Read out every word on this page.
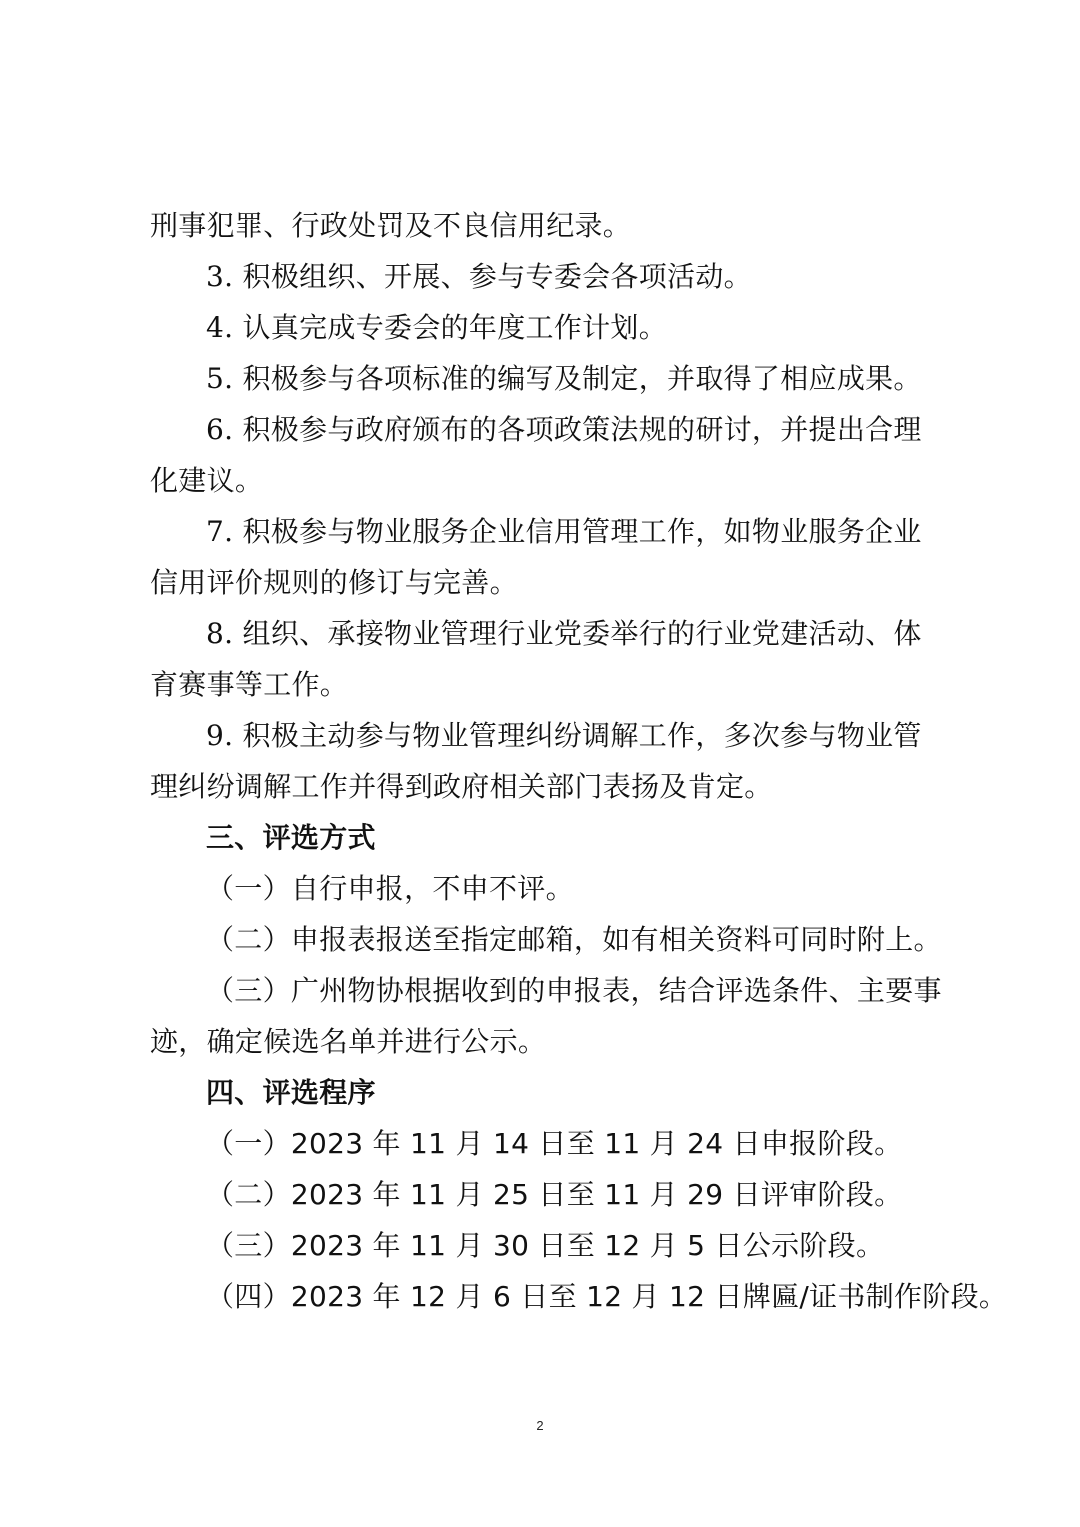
刑事犯罪、行政处罚及不良信用纪录。
3. 积极组织、开展、参与专委会各项活动。
4. 认真完成专委会的年度工作计划。
5. 积极参与各项标准的编写及制定，并取得了相应成果。
6. 积极参与政府颁布的各项政策法规的研讨，并提出合理
化建议。
7. 积极参与物业服务企业信用管理工作，如物业服务企业
信用评价规则的修订与完善。
8. 组织、承接物业管理行业党委举行的行业党建活动、体
育赛事等工作。
9. 积极主动参与物业管理纠纷调解工作，多次参与物业管
理纠纷调解工作并得到政府相关部门表扬及肯定。
三、评选方式
（一）自行申报，不申不评。
（二）申报表报送至指定邮箱，如有相关资料可同时附上。
（三）广州物协根据收到的申报表，结合评选条件、主要事
迹，确定候选名单并进行公示。
四、评选程序
（一）2023 年 11 月 14 日至 11 月 24 日申报阶段。
（二）2023 年 11 月 25 日至 11 月 29 日评审阶段。
（三）2023 年 11 月 30 日至 12 月 5 日公示阶段。
（四）2023 年 12 月 6 日至 12 月 12 日牌匾/证书制作阶段。
2
